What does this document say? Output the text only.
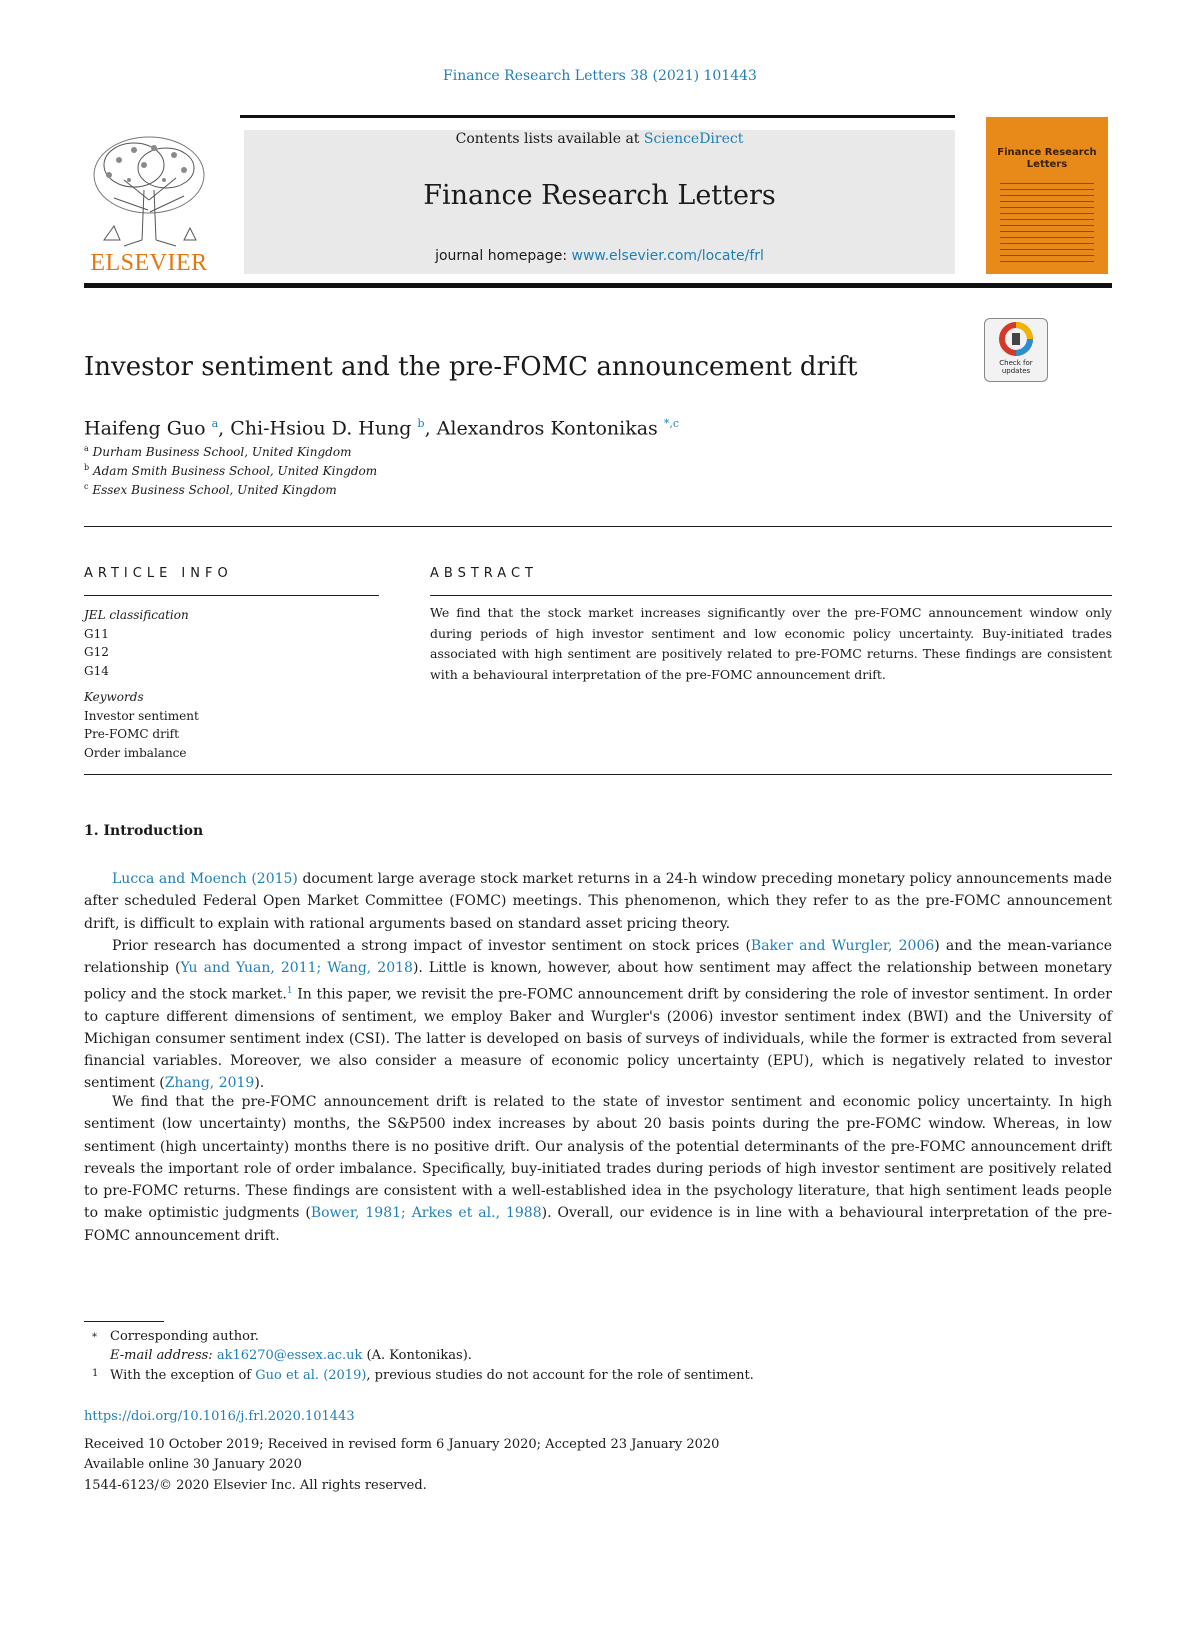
Finance Research Letters 38 (2021) 101443
ELSEVIER
Contents lists available at ScienceDirect
Finance Research Letters
journal homepage: www.elsevier.com/locate/frl
Finance Research Letters
Check for updates
Investor sentiment and the pre-FOMC announcement drift
Haifeng Guo $^a$, Chi-Hsiou D. Hung $^b$, Alexandros Kontonikas $^{*,c}$
$^a$ Durham Business School, United Kingdom
$^b$ Adam Smith Business School, United Kingdom
$^c$ Essex Business School, United Kingdom
ARTICLE INFO	ABSTRACT
JEL classification
G11
G12
G14
Keywords
Investor sentiment
Pre-FOMC drift
Order imbalance
We find that the stock market increases significantly over the pre-FOMC announcement window only during periods of high investor sentiment and low economic policy uncertainty. Buy-initiated trades associated with high sentiment are positively related to pre-FOMC returns. These findings are consistent with a behavioural interpretation of the pre-FOMC announcement drift.
1. Introduction
Lucca and Moench (2015) document large average stock market returns in a 24-h window preceding monetary policy announcements made after scheduled Federal Open Market Committee (FOMC) meetings. This phenomenon, which they refer to as the pre-FOMC announcement drift, is difficult to explain with rational arguments based on standard asset pricing theory.
Prior research has documented a strong impact of investor sentiment on stock prices (Baker and Wurgler, 2006) and the mean-variance relationship (Yu and Yuan, 2011; Wang, 2018). Little is known, however, about how sentiment may affect the relationship between monetary policy and the stock market.$^1$ In this paper, we revisit the pre-FOMC announcement drift by considering the role of investor sentiment. In order to capture different dimensions of sentiment, we employ Baker and Wurgler's (2006) investor sentiment index (BWI) and the University of Michigan consumer sentiment index (CSI). The latter is developed on basis of surveys of individuals, while the former is extracted from several financial variables. Moreover, we also consider a measure of economic policy uncertainty (EPU), which is negatively related to investor sentiment (Zhang, 2019).
We find that the pre-FOMC announcement drift is related to the state of investor sentiment and economic policy uncertainty. In high sentiment (low uncertainty) months, the S&P500 index increases by about 20 basis points during the pre-FOMC window. Whereas, in low sentiment (high uncertainty) months there is no positive drift. Our analysis of the potential determinants of the pre-FOMC announcement drift reveals the important role of order imbalance. Specifically, buy-initiated trades during periods of high investor sentiment are positively related to pre-FOMC returns. These findings are consistent with a well-established idea in the psychology literature, that high sentiment leads people to make optimistic judgments (Bower, 1981; Arkes et al., 1988). Overall, our evidence is in line with a behavioural interpretation of the pre-FOMC announcement drift.
* Corresponding author.
E-mail address: ak16270@essex.ac.uk (A. Kontonikas).
1 With the exception of Guo et al. (2019), previous studies do not account for the role of sentiment.
https://doi.org/10.1016/j.frl.2020.101443
Received 10 October 2019; Received in revised form 6 January 2020; Accepted 23 January 2020
Available online 30 January 2020
1544-6123/© 2020 Elsevier Inc. All rights reserved.
